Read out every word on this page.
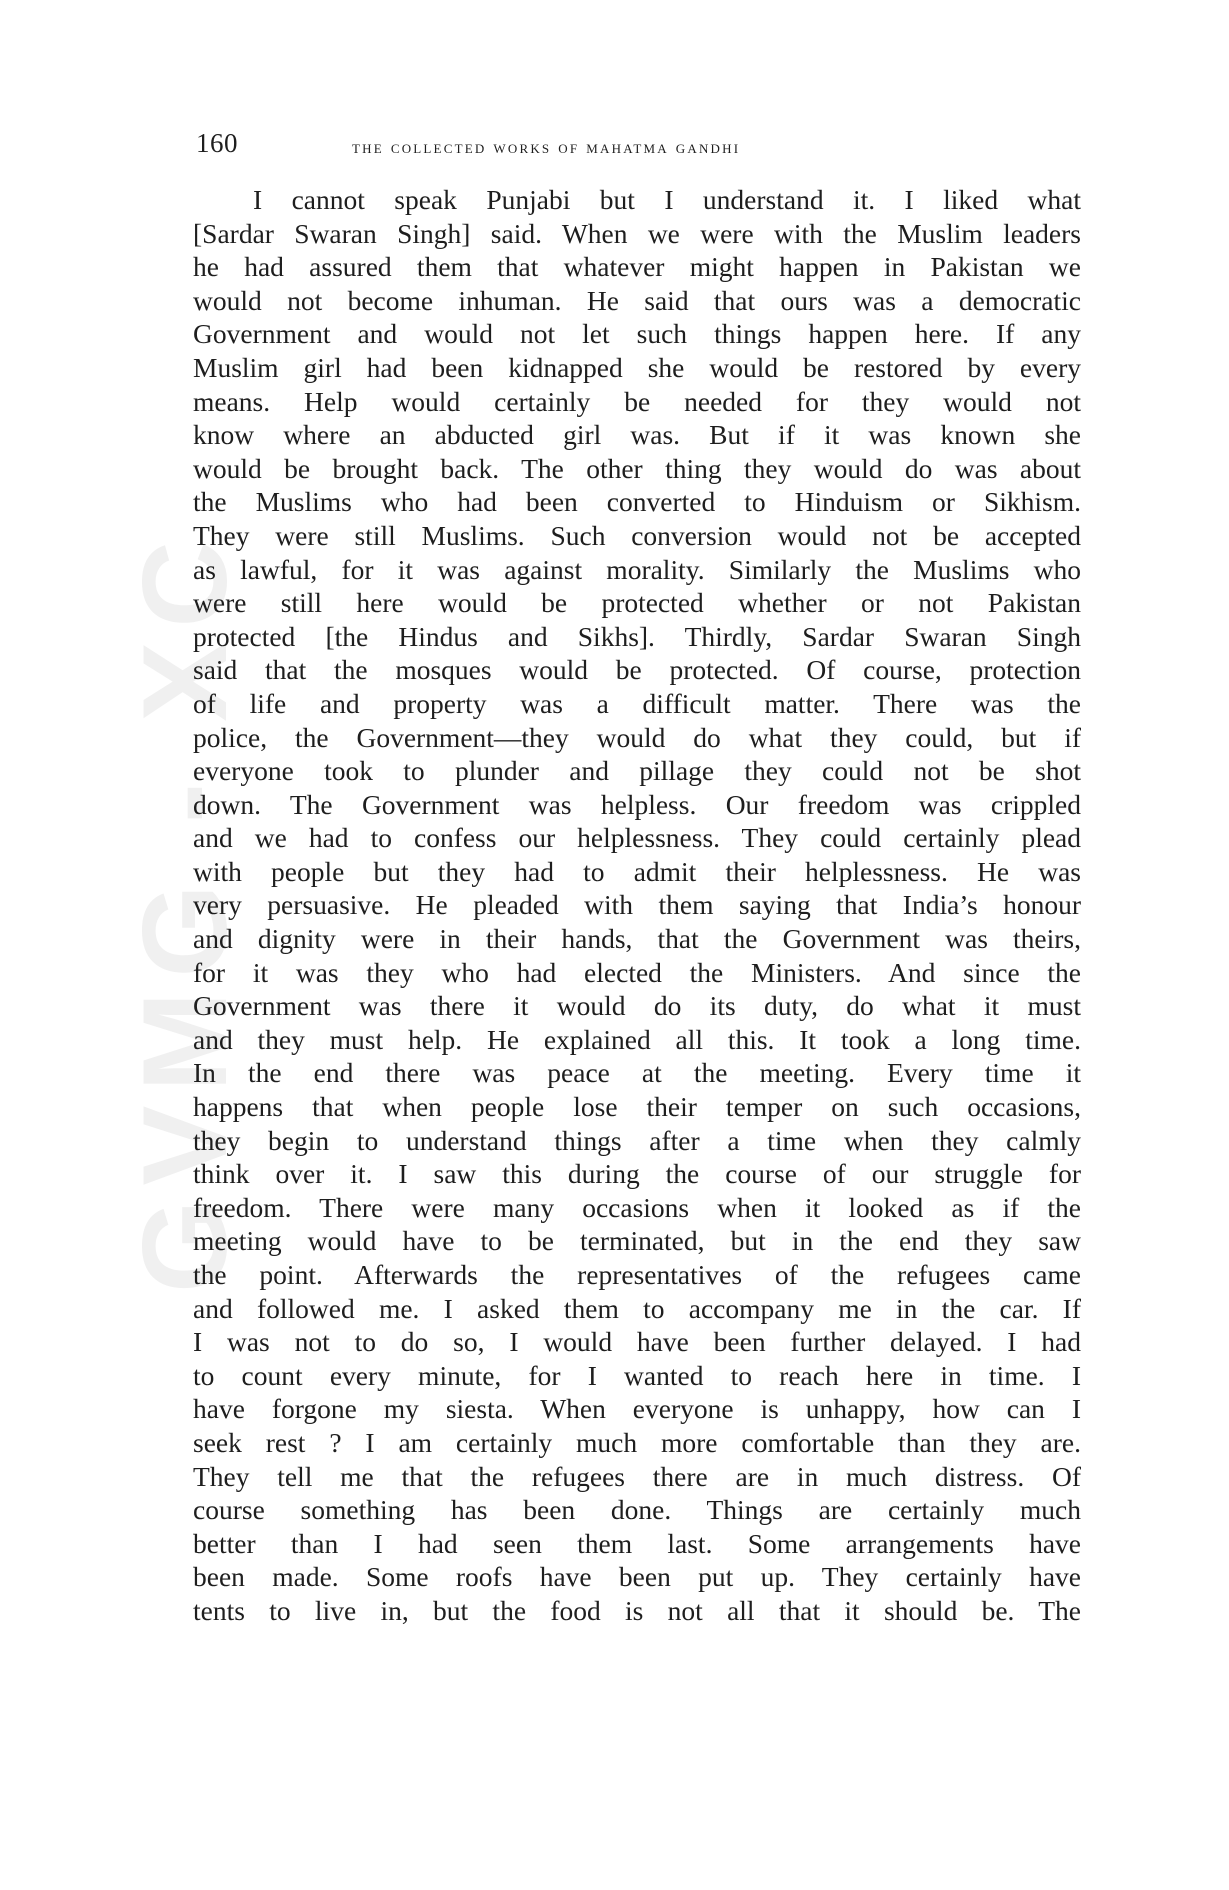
GVMG - XC
160	the collected works of mahatma gandhi
I cannot speak Punjabi but I understand it. I liked what
[Sardar Swaran Singh] said. When we were with the Muslim leaders
he had assured them that whatever might happen in Pakistan we
would not become inhuman. He said that ours was a democratic
Government and would not let such things happen here. If any
Muslim girl had been kidnapped she would be restored by every
means. Help would certainly be needed for they would not
know where an abducted girl was. But if it was known she
would be brought back. The other thing they would do was about
the Muslims who had been converted to Hinduism or Sikhism.
They were still Muslims. Such conversion would not be accepted
as lawful, for it was against morality. Similarly the Muslims who
were still here would be protected whether or not Pakistan
protected [the Hindus and Sikhs]. Thirdly, Sardar Swaran Singh
said that the mosques would be protected. Of course, protection
of life and property was a difficult matter. There was the
police, the Government—they would do what they could, but if
everyone took to plunder and pillage they could not be shot
down. The Government was helpless. Our freedom was crippled
and we had to confess our helplessness. They could certainly plead
with people but they had to admit their helplessness. He was
very persuasive. He pleaded with them saying that India’s honour
and dignity were in their hands, that the Government was theirs,
for it was they who had elected the Ministers. And since the
Government was there it would do its duty, do what it must
and they must help. He explained all this. It took a long time.
In the end there was peace at the meeting. Every time it
happens that when people lose their temper on such occasions,
they begin to understand things after a time when they calmly
think over it. I saw this during the course of our struggle for
freedom. There were many occasions when it looked as if the
meeting would have to be terminated, but in the end they saw
the point. Afterwards the representatives of the refugees came
and followed me. I asked them to accompany me in the car. If
I was not to do so, I would have been further delayed. I had
to count every minute, for I wanted to reach here in time. I
have forgone my siesta. When everyone is unhappy, how can I
seek rest ? I am certainly much more comfortable than they are.
They tell me that the refugees there are in much distress. Of
course something has been done. Things are certainly much
better than I had seen them last. Some arrangements have
been made. Some roofs have been put up. They certainly have
tents to live in, but the food is not all that it should be. The
